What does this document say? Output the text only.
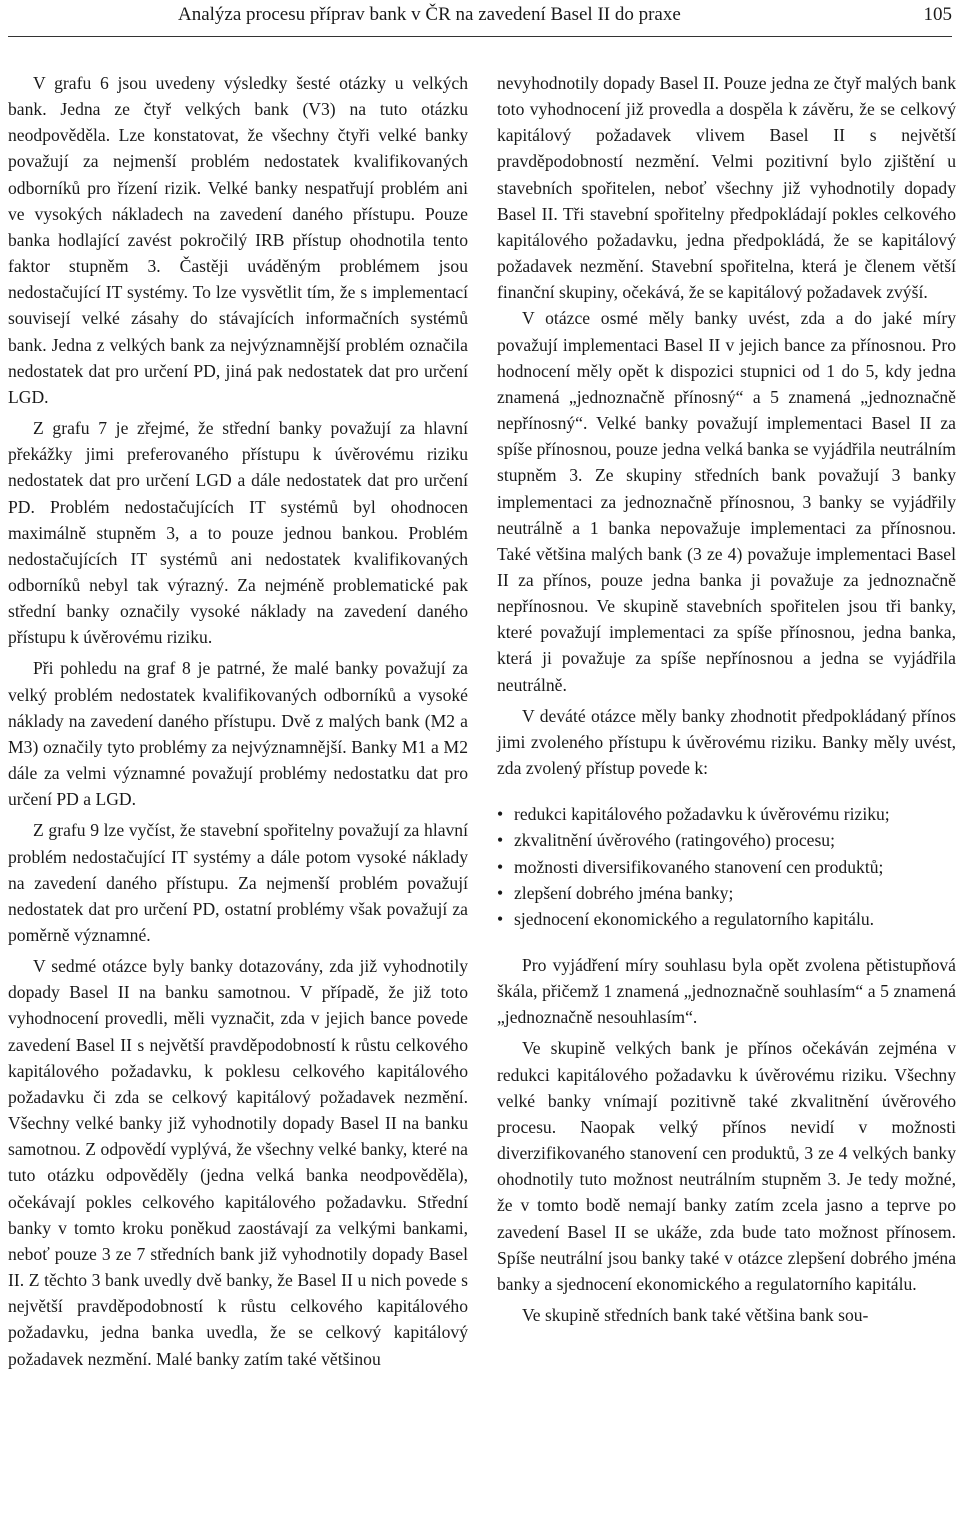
Analýza procesu příprav bank v ČR na zavedení Basel II do praxe	105

V grafu 6 jsou uvedeny výsledky šesté otázky u velkých bank. Jedna ze čtyř velkých bank (V3) na tuto otázku neodpověděla. Lze konstatovat, že všechny čtyři velké banky považují za nejmenší problém nedostatek kvalifikovaných odborníků pro řízení rizik. Velké banky nespatřují problém ani ve vysokých nákladech na zavedení daného přístupu. Pouze banka hodlající zavést pokročilý IRB přístup ohodnotila tento faktor stupněm 3. Častěji uváděným problémem jsou nedostačující IT systémy. To lze vysvětlit tím, že s implementací souvisejí velké zásahy do stávajících informačních systémů bank. Jedna z velkých bank za nejvýznamnější problém označila nedostatek dat pro určení PD, jiná pak nedostatek dat pro určení LGD.

Z grafu 7 je zřejmé, že střední banky považují za hlavní překážky jimi preferovaného přístupu k úvěrovému riziku nedostatek dat pro určení LGD a dále nedostatek dat pro určení PD. Problém nedostačujících IT systémů byl ohodnocen maximálně stupněm 3, a to pouze jednou bankou. Problém nedostačujících IT systémů ani nedostatek kvalifikovaných odborníků nebyl tak výrazný. Za nejméně problematické pak střední banky označily vysoké náklady na zavedení daného přístupu k úvěrovému riziku.

Při pohledu na graf 8 je patrné, že malé banky považují za velký problém nedostatek kvalifikovaných odborníků a vysoké náklady na zavedení daného přístupu. Dvě z malých bank (M2 a M3) označily tyto problémy za nejvýznamnější. Banky M1 a M2 dále za velmi významné považují problémy nedostatku dat pro určení PD a LGD.

Z grafu 9 lze vyčíst, že stavební spořitelny považují za hlavní problém nedostačující IT systémy a dále potom vysoké náklady na zavedení daného přístupu. Za nejmenší problém považují nedostatek dat pro určení PD, ostatní problémy však považují za poměrně významné.

V sedmé otázce byly banky dotazovány, zda již vyhodnotily dopady Basel II na banku samotnou. V případě, že již toto vyhodnocení provedli, měli vyznačit, zda v jejich bance povede zavedení Basel II s největší pravděpodobností k růstu celkového kapitálového požadavku, k poklesu celkového kapitálového požadavku či zda se celkový kapitálový požadavek nezmění. Všechny velké banky již vyhodnotily dopady Basel II na banku samotnou. Z odpovědí vyplývá, že všechny velké banky, které na tuto otázku odpověděly (jedna velká banka neodpověděla), očekávají pokles celkového kapitálového požadavku. Střední banky v tomto kroku poněkud zaostávají za velkými bankami, neboť pouze 3 ze 7 středních bank již vyhodnotily dopady Basel II. Z těchto 3 bank uvedly dvě banky, že Basel II u nich povede s největší pravděpodobností k růstu celkového kapitálového požadavku, jedna banka uvedla, že se celkový kapitálový požadavek nezmění. Malé banky zatím také většinou

nevyhodnotily dopady Basel II. Pouze jedna ze čtyř malých bank toto vyhodnocení již provedla a dospěla k závěru, že se celkový kapitálový požadavek vlivem Basel II s největší pravděpodobností nezmění. Velmi pozitivní bylo zjištění u stavebních spořitelen, neboť všechny již vyhodnotily dopady Basel II. Tři stavební spořitelny předpokládají pokles celkového kapitálového požadavku, jedna předpokládá, že se kapitálový požadavek nezmění. Stavební spořitelna, která je členem větší finanční skupiny, očekává, že se kapitálový požadavek zvýší.

V otázce osmé měly banky uvést, zda a do jaké míry považují implementaci Basel II v jejich bance za přínosnou. Pro hodnocení měly opět k dispozici stupnici od 1 do 5, kdy jedna znamená „jednoznačně přínosný“ a 5 znamená „jednoznačně nepřínosný“. Velké banky považují implementaci Basel II za spíše přínosnou, pouze jedna velká banka se vyjádřila neutrálním stupněm 3. Ze skupiny středních bank považují 3 banky implementaci za jednoznačně přínosnou, 3 banky se vyjádřily neutrálně a 1 banka nepovažuje implementaci za přínosnou. Také většina malých bank (3 ze 4) považuje implementaci Basel II za přínos, pouze jedna banka ji považuje za jednoznačně nepřínosnou. Ve skupině stavebních spořitelen jsou tři banky, které považují implementaci za spíše přínosnou, jedna banka, která ji považuje za spíše nepřínosnou a jedna se vyjádřila neutrálně.

V deváté otázce měly banky zhodnotit předpokládaný přínos jimi zvoleného přístupu k úvěrovému riziku. Banky měly uvést, zda zvolený přístup povede k:

• redukci kapitálového požadavku k úvěrovému riziku;
• zkvalitnění úvěrového (ratingového) procesu;
• možnosti diversifikovaného stanovení cen produktů;
• zlepšení dobrého jména banky;
• sjednocení ekonomického a regulatorního kapitálu.

Pro vyjádření míry souhlasu byla opět zvolena pětistupňová škála, přičemž 1 znamená „jednoznačně souhlasím“ a 5 znamená „jednoznačně nesouhlasím“.

Ve skupině velkých bank je přínos očekáván zejména v redukci kapitálového požadavku k úvěrovému riziku. Všechny velké banky vnímají pozitivně také zkvalitnění úvěrového procesu. Naopak velký přínos nevidí v možnosti diverzifikovaného stanovení cen produktů, 3 ze 4 velkých banky ohodnotily tuto možnost neutrálním stupněm 3. Je tedy možné, že v tomto bodě nemají banky zatím zcela jasno a teprve po zavedení Basel II se ukáže, zda bude tato možnost přínosem. Spíše neutrální jsou banky také v otázce zlepšení dobrého jména banky a sjednocení ekonomického a regulatorního kapitálu.

Ve skupině středních bank také většina bank sou-
